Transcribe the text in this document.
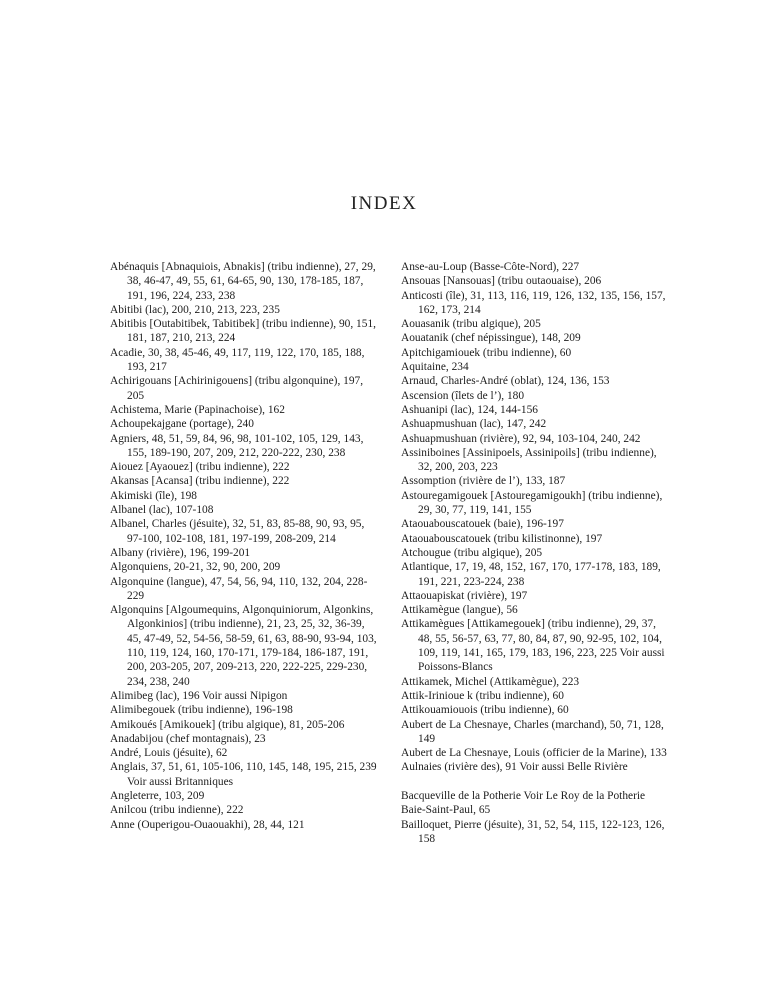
INDEX

Abénaquis [Abnaquiois, Abnakis] (tribu indienne), 27, 29, 38, 46-47, 49, 55, 61, 64-65, 90, 130, 178-185, 187, 191, 196, 224, 233, 238

Abitibi (lac), 200, 210, 213, 223, 235

Abitibis [Outabitibek, Tabitibek] (tribu indienne), 90, 151, 181, 187, 210, 213, 224

Acadie, 30, 38, 45-46, 49, 117, 119, 122, 170, 185, 188, 193, 217

Achirigouans [Achirinigouens] (tribu algonquine), 197, 205

Achistema, Marie (Papinachoise), 162

Achoupekajgane (portage), 240

Agniers, 48, 51, 59, 84, 96, 98, 101-102, 105, 129, 143, 155, 189-190, 207, 209, 212, 220-222, 230, 238

Aiouez [Ayaouez] (tribu indienne), 222

Akansas [Acansa] (tribu indienne), 222

Akimiski (île), 198

Albanel (lac), 107-108

Albanel, Charles (jésuite), 32, 51, 83, 85-88, 90, 93, 95, 97-100, 102-108, 181, 197-199, 208-209, 214

Albany (rivière), 196, 199-201

Algonquiens, 20-21, 32, 90, 200, 209

Algonquine (langue), 47, 54, 56, 94, 110, 132, 204, 228-229

Algonquins [Algoumequins, Algonquiniorum, Algonkins, Algonkinios] (tribu indienne), 21, 23, 25, 32, 36-39, 45, 47-49, 52, 54-56, 58-59, 61, 63, 88-90, 93-94, 103, 110, 119, 124, 160, 170-171, 179-184, 186-187, 191, 200, 203-205, 207, 209-213, 220, 222-225, 229-230, 234, 238, 240

Alimibeg (lac), 196 Voir aussi Nipigon

Alimibegouek (tribu indienne), 196-198

Amikoués [Amikouek] (tribu algique), 81, 205-206

Anadabijou (chef montagnais), 23

André, Louis (jésuite), 62

Anglais, 37, 51, 61, 105-106, 110, 145, 148, 195, 215, 239 Voir aussi Britanniques

Angleterre, 103, 209

Anilcou (tribu indienne), 222

Anne (Ouperigou-Ouaouakhi), 28, 44, 121

Anse-au-Loup (Basse-Côte-Nord), 227

Ansouas [Nansouas] (tribu outaouaise), 206

Anticosti (île), 31, 113, 116, 119, 126, 132, 135, 156, 157, 162, 173, 214

Aouasanik (tribu algique), 205

Aouatanik (chef népissingue), 148, 209

Apitchigamiouek (tribu indienne), 60

Aquitaine, 234

Arnaud, Charles-André (oblat), 124, 136, 153

Ascension (îlets de l’), 180

Ashuanipi (lac), 124, 144-156

Ashuapmushuan (lac), 147, 242

Ashuapmushuan (rivière), 92, 94, 103-104, 240, 242

Assiniboines [Assinipoels, Assinipoils] (tribu indienne), 32, 200, 203, 223

Assomption (rivière de l’), 133, 187

Astouregamigouek [Astouregamigoukh] (tribu indienne), 29, 30, 77, 119, 141, 155

Ataouabouscatouek (baie), 196-197

Ataouabouscatouek (tribu kilistinonne), 197

Atchougue (tribu algique), 205

Atlantique, 17, 19, 48, 152, 167, 170, 177-178, 183, 189, 191, 221, 223-224, 238

Attaouapiskat (rivière), 197

Attikamègue (langue), 56

Attikamègues [Attikamegouek] (tribu indienne), 29, 37, 48, 55, 56-57, 63, 77, 80, 84, 87, 90, 92-95, 102, 104, 109, 119, 141, 165, 179, 183, 196, 223, 225 Voir aussi Poissons-Blancs

Attikamek, Michel (Attikamègue), 223

Attik-Irinioue k (tribu indienne), 60

Attikouamiouois (tribu indienne), 60

Aubert de La Chesnaye, Charles (marchand), 50, 71, 128, 149

Aubert de La Chesnaye, Louis (officier de la Marine), 133

Aulnaies (rivière des), 91 Voir aussi Belle Rivière

Bacqueville de la Potherie Voir Le Roy de la Potherie

Baie-Saint-Paul, 65

Bailloquet, Pierre (jésuite), 31, 52, 54, 115, 122-123, 126, 158
